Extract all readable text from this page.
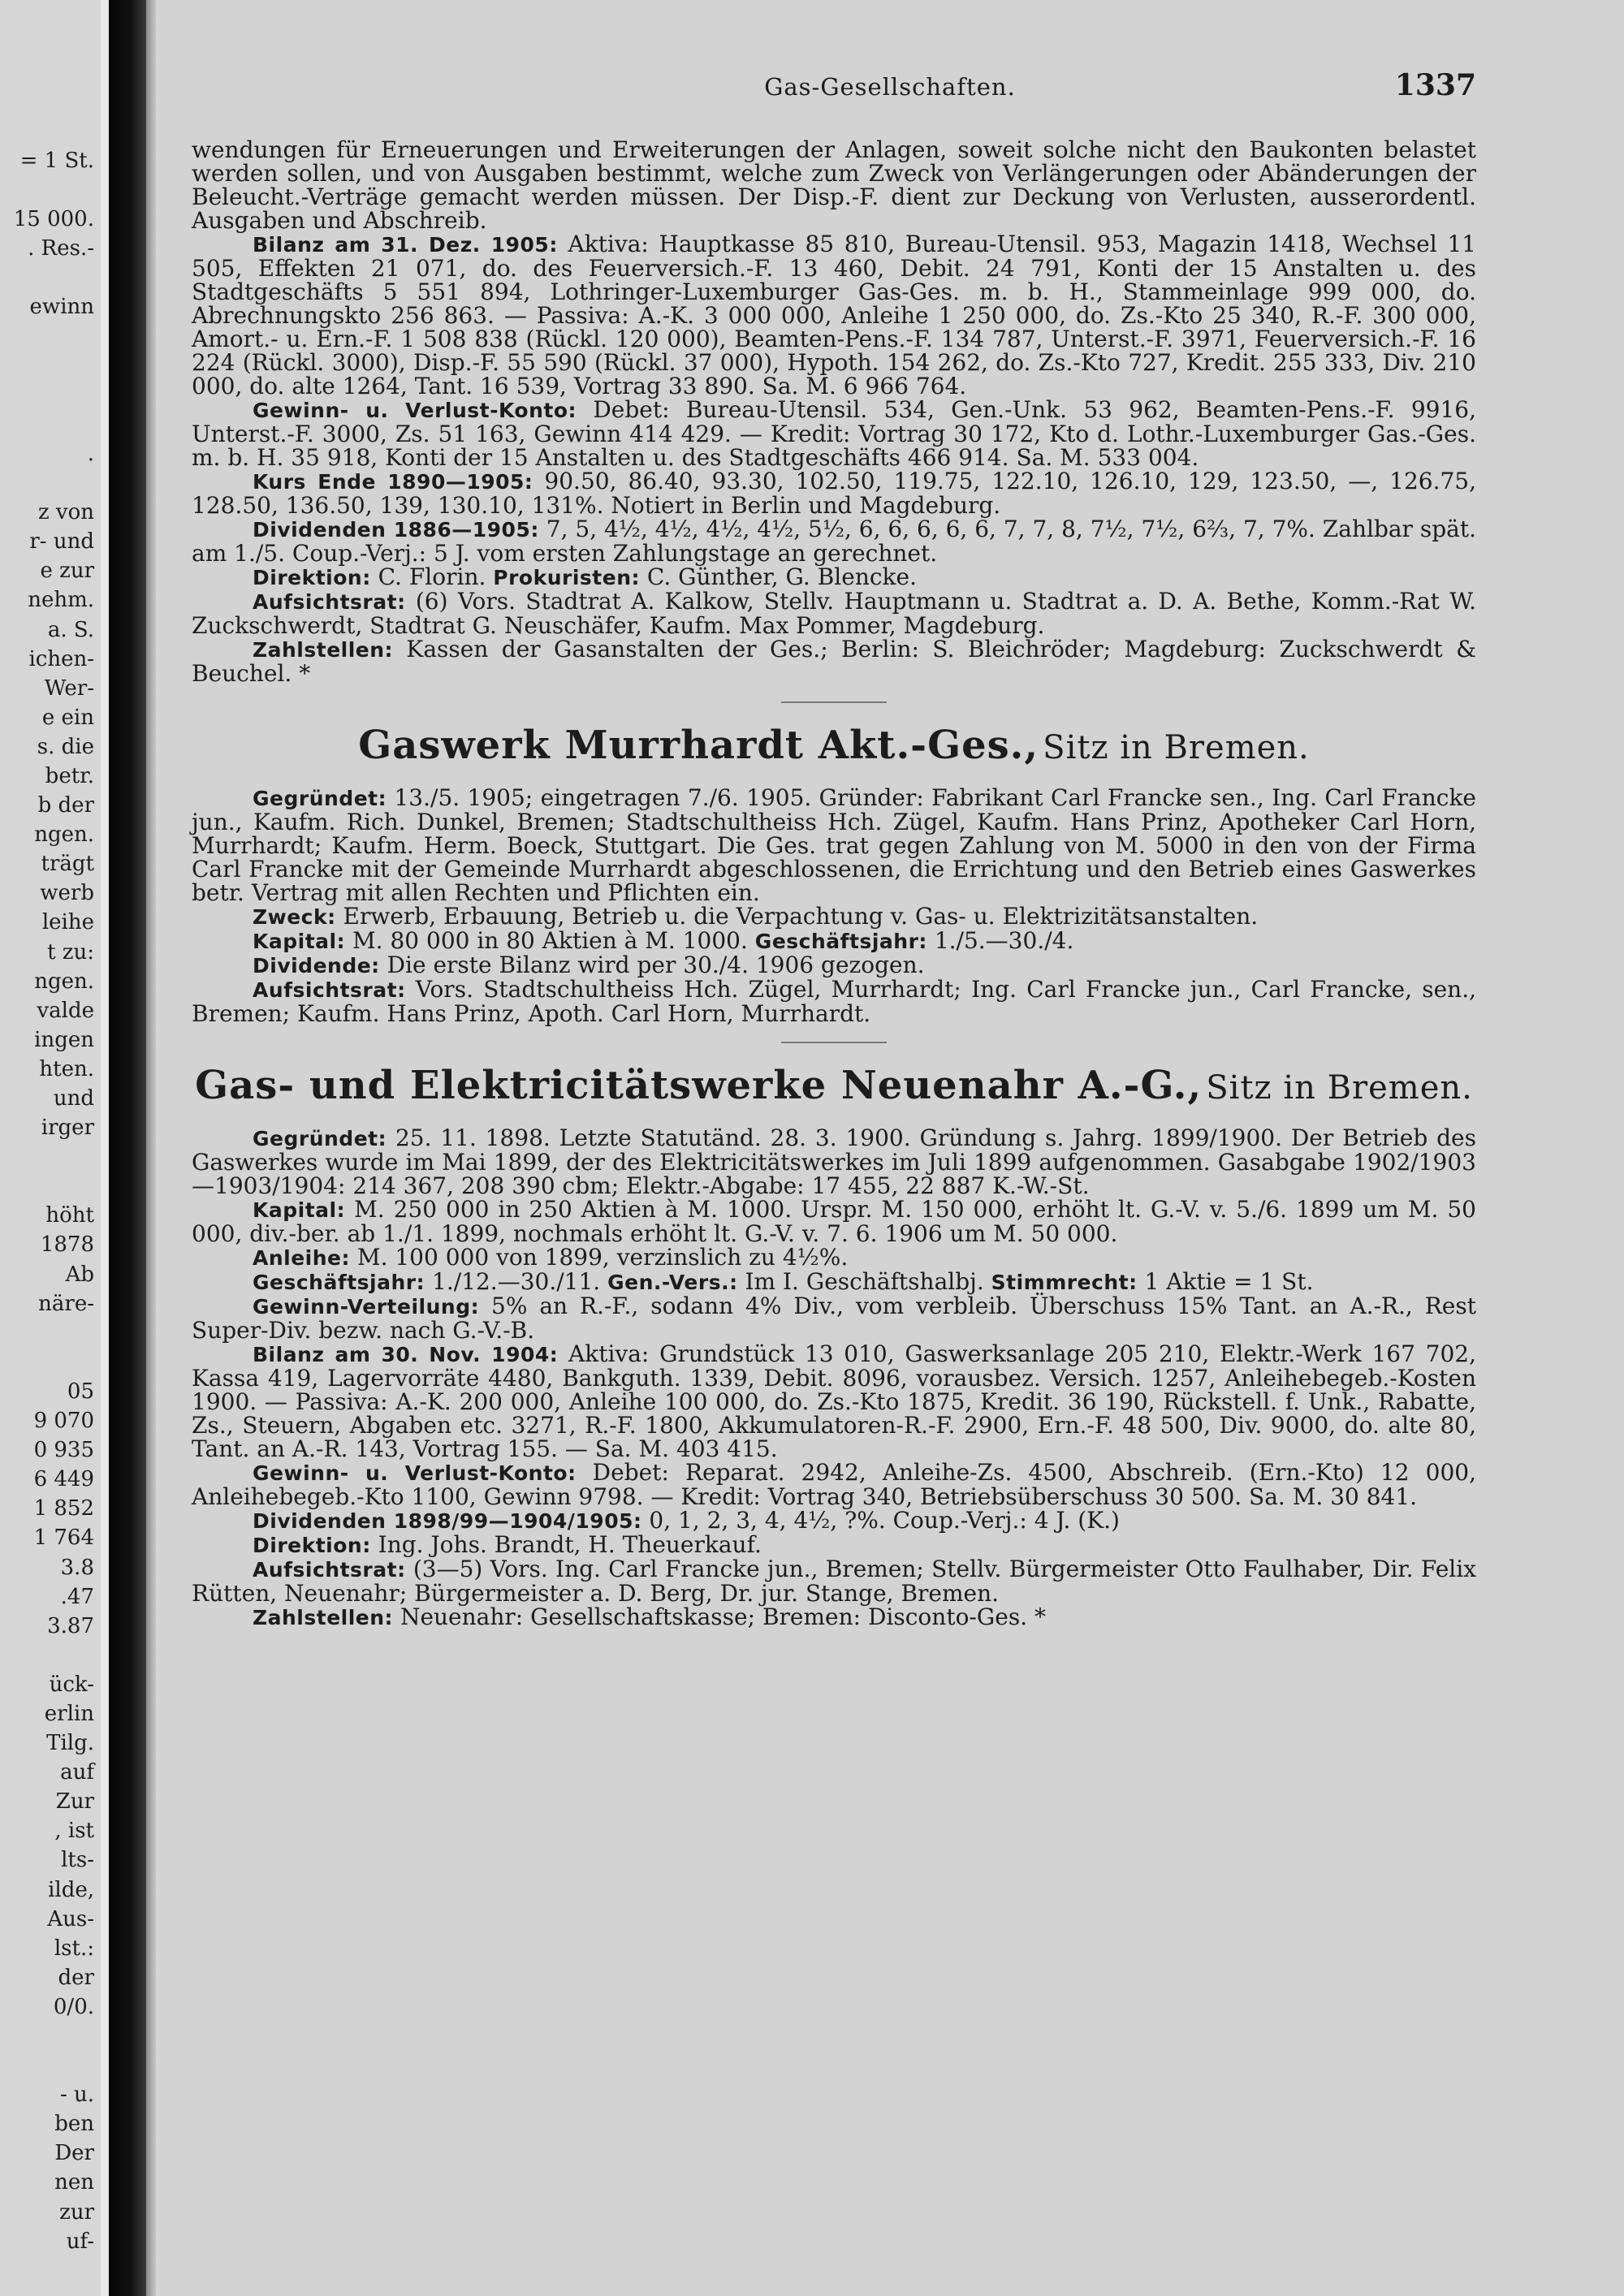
= 1 St.

15 000.
. Res.-

ewinn

.

z von
r- und
e zur
nehm.
a. S.
ichen-
Wer-
e ein
s. die
betr.
b der
ngen.
trägt
werb
leihe
t zu:
ngen.
valde
ingen
hten.
und
irger

höht
1878
Ab
näre-

05
9 070
0 935
6 449
1 852
1 764
3.8
.47
3.87

ück-
erlin
Tilg.
auf
Zur
, ist
lts-
ilde,
Aus-
lst.:
der
0/0.

- u.
ben
Der
nen
zur
uf-
Gas-Gesellschaften.	1337

wendungen für Erneuerungen und Erweiterungen der Anlagen, soweit solche nicht den Baukonten belastet werden sollen, und von Ausgaben bestimmt, welche zum Zweck von Verlängerungen oder Abänderungen der Beleucht.-Verträge gemacht werden müssen. Der Disp.-F. dient zur Deckung von Verlusten, ausserordentl. Ausgaben und Abschreib.

Bilanz am 31. Dez. 1905: Aktiva: Hauptkasse 85 810, Bureau-Utensil. 953, Magazin 1418, Wechsel 11 505, Effekten 21 071, do. des Feuerversich.-F. 13 460, Debit. 24 791, Konti der 15 Anstalten u. des Stadtgeschäfts 5 551 894, Lothringer-Luxemburger Gas-Ges. m. b. H., Stammeinlage 999 000, do. Abrechnungskto 256 863. — Passiva: A.-K. 3 000 000, Anleihe 1 250 000, do. Zs.-Kto 25 340, R.-F. 300 000, Amort.- u. Ern.-F. 1 508 838 (Rückl. 120 000), Beamten-Pens.-F. 134 787, Unterst.-F. 3971, Feuerversich.-F. 16 224 (Rückl. 3000), Disp.-F. 55 590 (Rückl. 37 000), Hypoth. 154 262, do. Zs.-Kto 727, Kredit. 255 333, Div. 210 000, do. alte 1264, Tant. 16 539, Vortrag 33 890. Sa. M. 6 966 764.

Gewinn- u. Verlust-Konto: Debet: Bureau-Utensil. 534, Gen.-Unk. 53 962, Beamten-Pens.-F. 9916, Unterst.-F. 3000, Zs. 51 163, Gewinn 414 429. — Kredit: Vortrag 30 172, Kto d. Lothr.-Luxemburger Gas.-Ges. m. b. H. 35 918, Konti der 15 Anstalten u. des Stadtgeschäfts 466 914. Sa. M. 533 004.

Kurs Ende 1890—1905: 90.50, 86.40, 93.30, 102.50, 119.75, 122.10, 126.10, 129, 123.50, —, 126.75, 128.50, 136.50, 139, 130.10, 131%. Notiert in Berlin und Magdeburg.

Dividenden 1886—1905: 7, 5, 4½, 4½, 4½, 4½, 5½, 6, 6, 6, 6, 6, 7, 7, 8, 7½, 7½, 6⅔, 7, 7%. Zahlbar spät. am 1./5. Coup.-Verj.: 5 J. vom ersten Zahlungstage an gerechnet.

Direktion: C. Florin. Prokuristen: C. Günther, G. Blencke.

Aufsichtsrat: (6) Vors. Stadtrat A. Kalkow, Stellv. Hauptmann u. Stadtrat a. D. A. Bethe, Komm.-Rat W. Zuckschwerdt, Stadtrat G. Neuschäfer, Kaufm. Max Pommer, Magdeburg.

Zahlstellen: Kassen der Gasanstalten der Ges.; Berlin: S. Bleichröder; Magdeburg: Zuckschwerdt & Beuchel. *

Gaswerk Murrhardt Akt.-Ges., Sitz in Bremen.

Gegründet: 13./5. 1905; eingetragen 7./6. 1905. Gründer: Fabrikant Carl Francke sen., Ing. Carl Francke jun., Kaufm. Rich. Dunkel, Bremen; Stadtschultheiss Hch. Zügel, Kaufm. Hans Prinz, Apotheker Carl Horn, Murrhardt; Kaufm. Herm. Boeck, Stuttgart. Die Ges. trat gegen Zahlung von M. 5000 in den von der Firma Carl Francke mit der Gemeinde Murrhardt abgeschlossenen, die Errichtung und den Betrieb eines Gaswerkes betr. Vertrag mit allen Rechten und Pflichten ein.

Zweck: Erwerb, Erbauung, Betrieb u. die Verpachtung v. Gas- u. Elektrizitätsanstalten.

Kapital: M. 80 000 in 80 Aktien à M. 1000. Geschäftsjahr: 1./5.—30./4.

Dividende: Die erste Bilanz wird per 30./4. 1906 gezogen.

Aufsichtsrat: Vors. Stadtschultheiss Hch. Zügel, Murrhardt; Ing. Carl Francke jun., Carl Francke, sen., Bremen; Kaufm. Hans Prinz, Apoth. Carl Horn, Murrhardt.

Gas- und Elektricitätswerke Neuenahr A.-G., Sitz in Bremen.

Gegründet: 25. 11. 1898. Letzte Statutänd. 28. 3. 1900. Gründung s. Jahrg. 1899/1900. Der Betrieb des Gaswerkes wurde im Mai 1899, der des Elektricitätswerkes im Juli 1899 aufgenommen. Gasabgabe 1902/1903—1903/1904: 214 367, 208 390 cbm; Elektr.-Abgabe: 17 455, 22 887 K.-W.-St.

Kapital: M. 250 000 in 250 Aktien à M. 1000. Urspr. M. 150 000, erhöht lt. G.-V. v. 5./6. 1899 um M. 50 000, div.-ber. ab 1./1. 1899, nochmals erhöht lt. G.-V. v. 7. 6. 1906 um M. 50 000.

Anleihe: M. 100 000 von 1899, verzinslich zu 4½%.

Geschäftsjahr: 1./12.—30./11. Gen.-Vers.: Im I. Geschäftshalbj. Stimmrecht: 1 Aktie = 1 St.

Gewinn-Verteilung: 5% an R.-F., sodann 4% Div., vom verbleib. Überschuss 15% Tant. an A.-R., Rest Super-Div. bezw. nach G.-V.-B.

Bilanz am 30. Nov. 1904: Aktiva: Grundstück 13 010, Gaswerksanlage 205 210, Elektr.-Werk 167 702, Kassa 419, Lagervorräte 4480, Bankguth. 1339, Debit. 8096, vorausbez. Versich. 1257, Anleihebegeb.-Kosten 1900. — Passiva: A.-K. 200 000, Anleihe 100 000, do. Zs.-Kto 1875, Kredit. 36 190, Rückstell. f. Unk., Rabatte, Zs., Steuern, Abgaben etc. 3271, R.-F. 1800, Akkumulatoren-R.-F. 2900, Ern.-F. 48 500, Div. 9000, do. alte 80, Tant. an A.-R. 143, Vortrag 155. — Sa. M. 403 415.

Gewinn- u. Verlust-Konto: Debet: Reparat. 2942, Anleihe-Zs. 4500, Abschreib. (Ern.-Kto) 12 000, Anleihebegeb.-Kto 1100, Gewinn 9798. — Kredit: Vortrag 340, Betriebsüberschuss 30 500. Sa. M. 30 841.

Dividenden 1898/99—1904/1905: 0, 1, 2, 3, 4, 4½, ?%. Coup.-Verj.: 4 J. (K.)

Direktion: Ing. Johs. Brandt, H. Theuerkauf.

Aufsichtsrat: (3—5) Vors. Ing. Carl Francke jun., Bremen; Stellv. Bürgermeister Otto Faulhaber, Dir. Felix Rütten, Neuenahr; Bürgermeister a. D. Berg, Dr. jur. Stange, Bremen.

Zahlstellen: Neuenahr: Gesellschaftskasse; Bremen: Disconto-Ges. *
